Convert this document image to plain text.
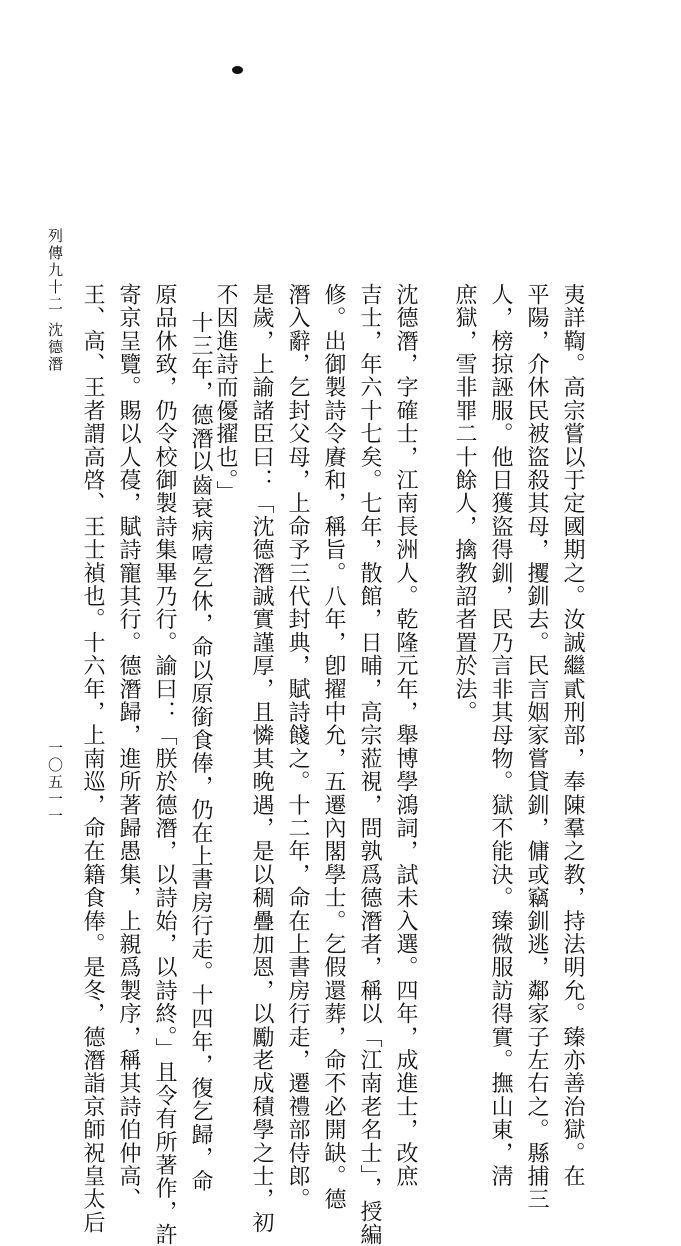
夷詳鞫。高宗嘗以于定國期之。汝誠繼貳刑部，奉陳羣之教，持法明允。臻亦善治獄。在
平陽，介休民被盜殺其母，攫釧去。民言姻家嘗貸釧，傭或竊釧逃，鄰家子左右之。縣捕三
人，榜掠誣服。他日獲盜得釧，民乃言非其母物。獄不能決。臻微服訪得實。撫山東，淸
庶獄，雪非罪二十餘人，擒教詔者置於法。
沈德潛，字確士，江南長洲人。乾隆元年，舉博學鴻詞，試未入選。四年，成進士，改庶
吉士，年六十七矣。七年，散館，日晡，高宗蒞視，問孰爲德潛者，稱以「江南老名士」，授編
修。出御製詩令賡和，稱旨。八年，卽擢中允，五遷內閣學士。乞假還葬，命不必開缺。德
潛入辭，乞封父母，上命予三代封典，賦詩餞之。十二年，命在上書房行走，遷禮部侍郎。
是歲，上諭諸臣曰：「沈德潛誠實謹厚，且憐其晚遇，是以稠疊加恩，以勵老成積學之士，初
不因進詩而優擢也。」
十三年，德潛以齒衰病噎乞休，命以原銜食俸，仍在上書房行走。十四年，復乞歸，命
原品休致，仍令校御製詩集畢乃行。諭曰：「朕於德潛，以詩始，以詩終。」且令有所著作，許
寄京呈覽。賜以人葠，賦詩寵其行。德潛歸，進所著歸愚集，上親爲製序，稱其詩伯仲高、
王、高、王者謂高啓、王士禎也。十六年，上南巡，命在籍食俸。是冬，德潛詣京師祝皇太后
列傳九十二
沈德潛
一〇五一一
